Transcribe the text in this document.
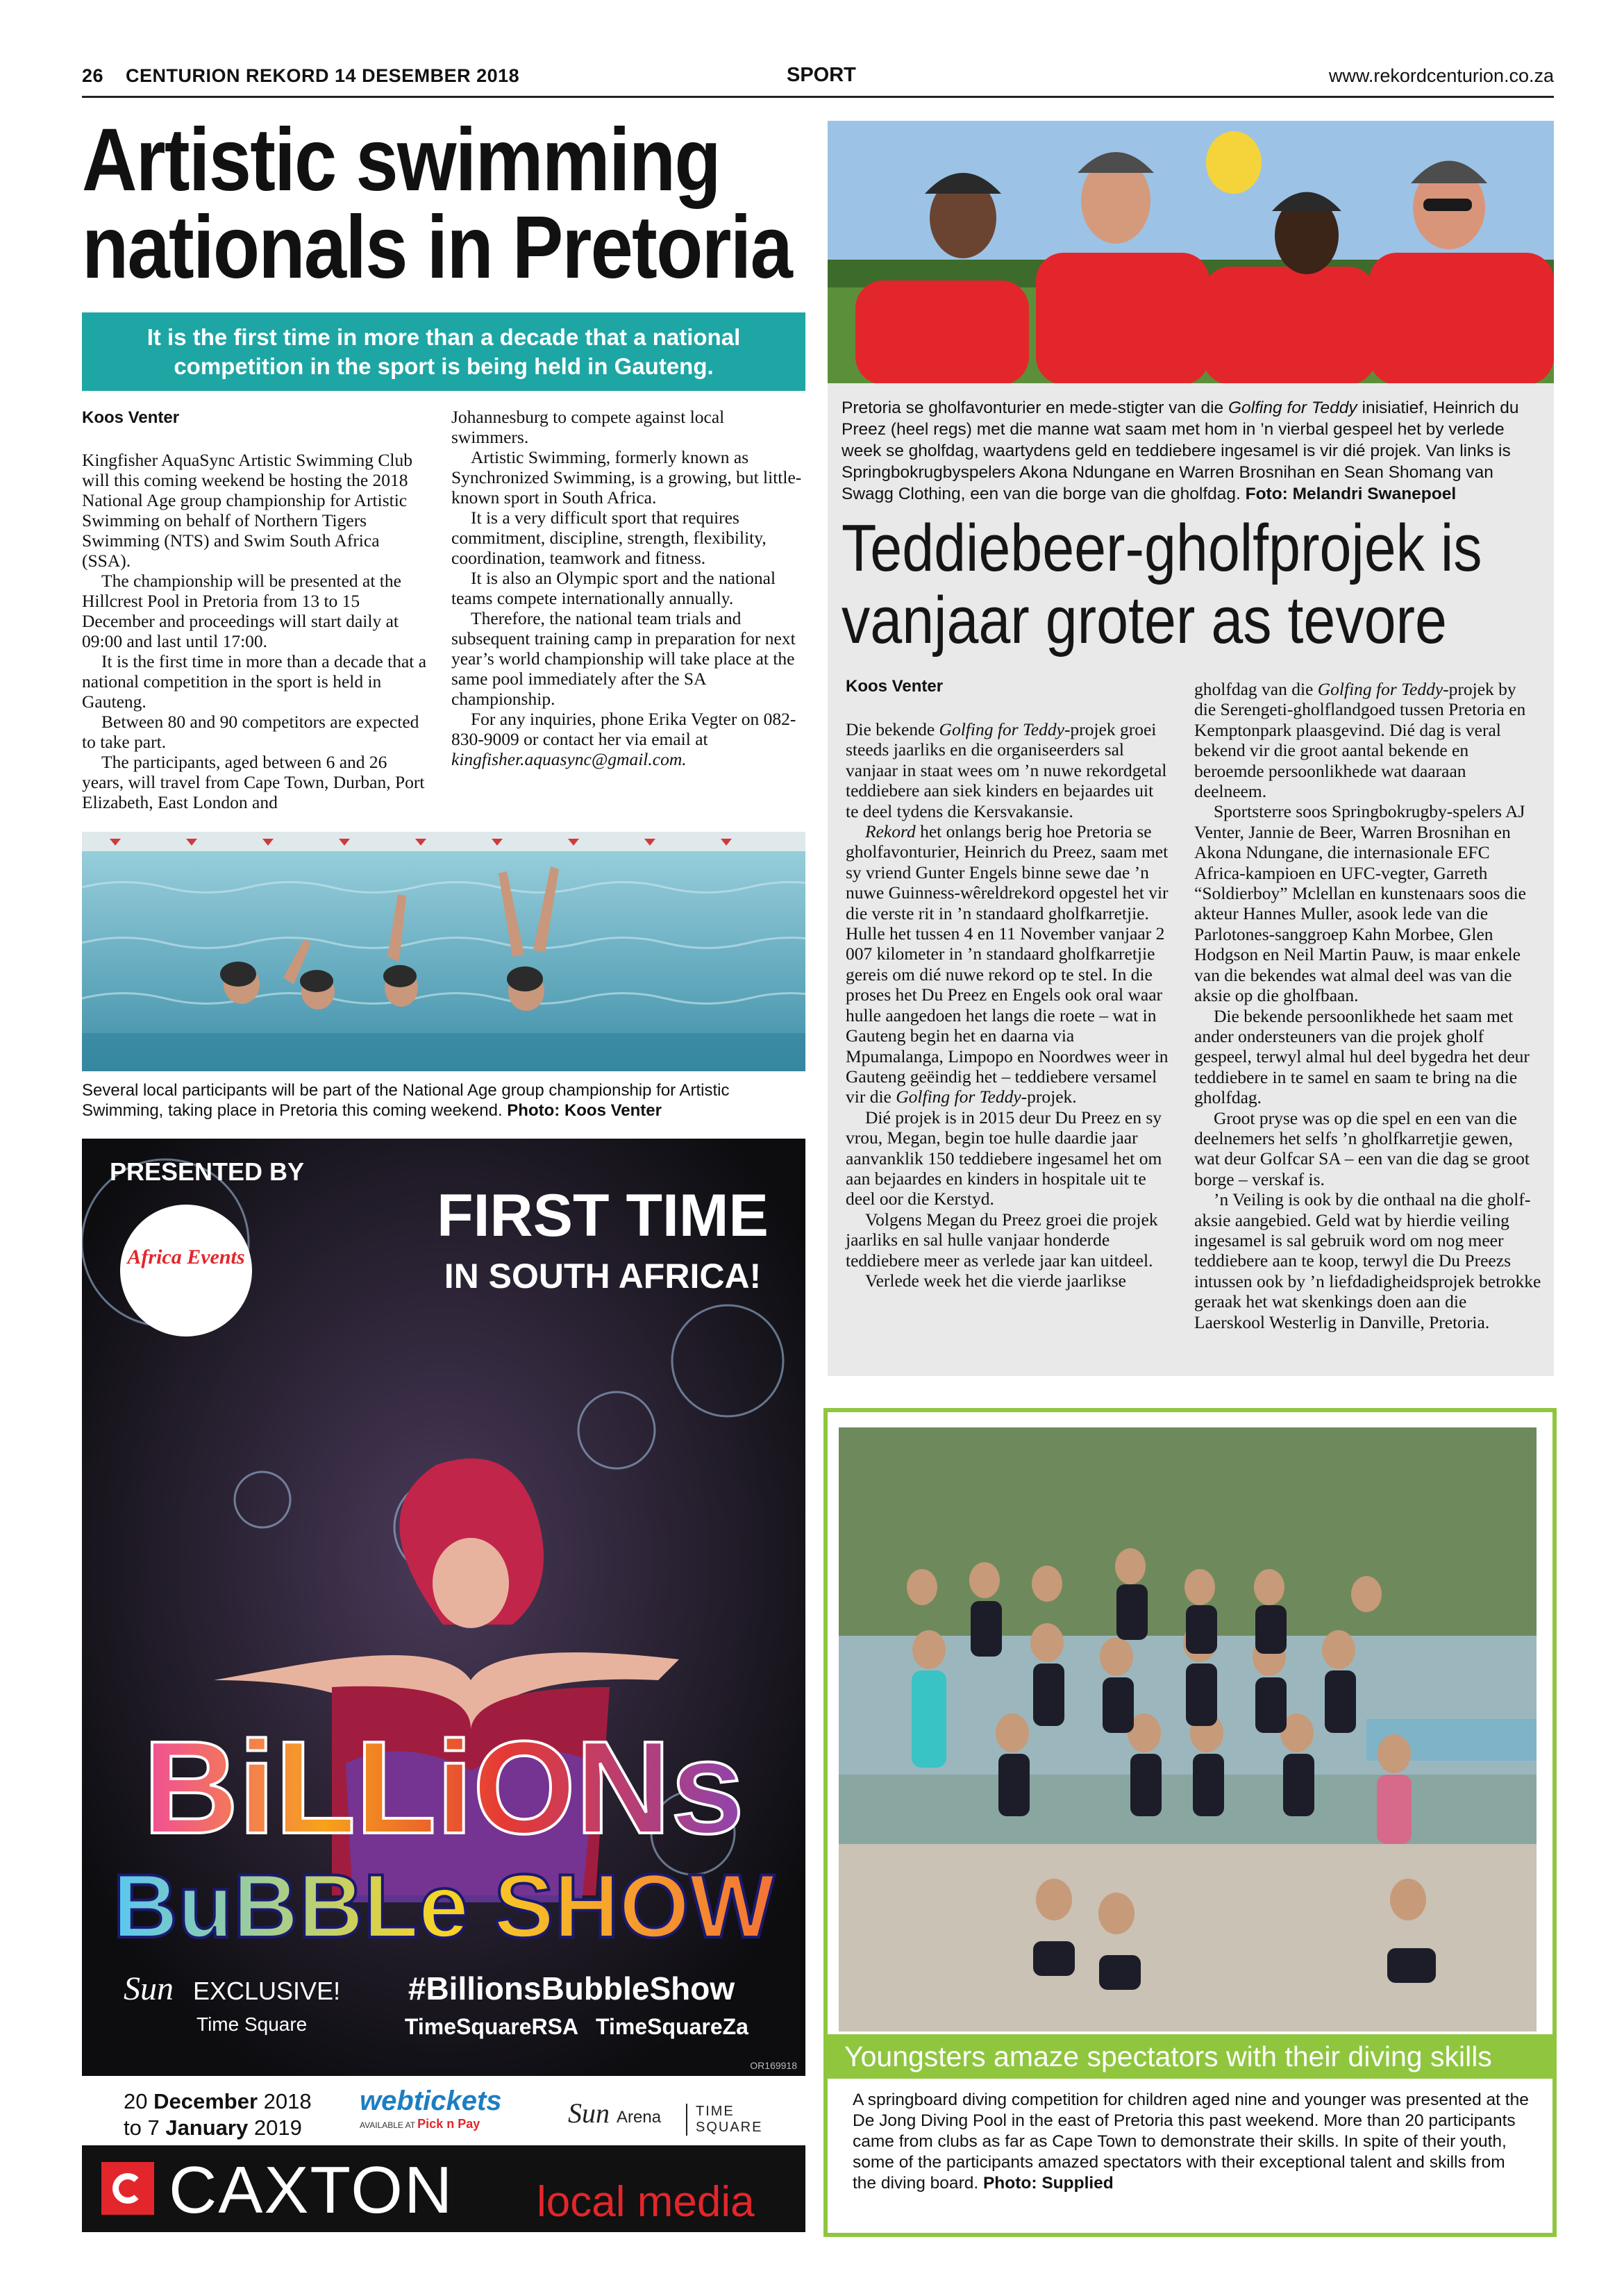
26    CENTURION REKORD 14 DESEMBER 2018	SPORT	www.rekordcenturion.co.za
Artistic swimming
nationals in Pretoria
It is the first time in more than a decade that a national competition in the sport is being held in Gauteng.
Koos Venter

Kingfisher AquaSync Artistic Swimming Club will this coming weekend be hosting the 2018 National Age group championship for Artistic Swimming on behalf of Northern Tigers Swimming (NTS) and Swim South Africa (SSA).

The championship will be presented at the Hillcrest Pool in Pretoria from 13 to 15 December and proceedings will start daily at 09:00 and last until 17:00.

It is the first time in more than a decade that a national competition in the sport is held in Gauteng.

Between 80 and 90 competitors are expected to take part.

The participants, aged between 6 and 26 years, will travel from Cape Town, Durban, Port Elizabeth, East London and

Johannesburg to compete against local swimmers.

Artistic Swimming, formerly known as Synchronized Swimming, is a growing, but little-known sport in South Africa.

It is a very difficult sport that requires commitment, discipline, strength, flexibility, coordination, teamwork and fitness.

It is also an Olympic sport and the national teams compete internationally annually.

Therefore, the national team trials and subsequent training camp in preparation for next year’s world championship will take place at the same pool immediately after the SA championship.

For any inquiries, phone Erika Vegter on 082-830-9009 or contact her via email at kingfisher.aquasync@gmail.com.

Several local participants will be part of the National Age group championship for Artistic Swimming, taking place in Pretoria this coming weekend. Photo: Koos Venter
PRESENTED BY
Africa Events
FIRST TIME
IN SOUTH AFRICA!
BiLLiONs
BuBBLe SHOW
Sun EXCLUSIVE!
Time Square
#BillionsBubbleShow
TimeSquareRSA TimeSquareZa
OR169918
20 December 2018
to 7 January 2019
webtickets
AVAILABLE AT Pick n Pay	Sun Arena	TIME SQUARE
CAXTON local media
Pretoria se gholfavonturier en mede-stigter van die Golfing for Teddy inisiatief, Heinrich du Preez (heel regs) met die manne wat saam met hom in ’n vierbal gespeel het by verlede week se gholfdag, waartydens geld en teddiebere ingesamel is vir dié projek. Van links is Springbokrugbyspelers Akona Ndungane en Warren Brosnihan en Sean Shomang van Swagg Clothing, een van die borge van die gholfdag. Foto: Melandri Swanepoel
Teddiebeer-gholfprojek is
vanjaar groter as tevore
Koos Venter

Die bekende Golfing for Teddy-projek groei steeds jaarliks en die organiseerders sal vanjaar in staat wees om ’n nuwe rekordgetal teddiebere aan siek kinders en bejaardes uit te deel tydens die Kersvakansie.

Rekord het onlangs berig hoe Pretoria se gholfavonturier, Heinrich du Preez, saam met sy vriend Gunter Engels binne sewe dae ’n nuwe Guinness-wêreldrekord opgestel het vir die verste rit in ’n standaard gholfkarretjie.

Hulle het tussen 4 en 11 November vanjaar 2 007 kilometer in ’n standaard gholfkarretjie gereis om dié nuwe rekord op te stel. In die proses het Du Preez en Engels ook oral waar hulle aangedoen het langs die roete – wat in Gauteng begin het en daarna via Mpumalanga, Limpopo en Noordwes weer in Gauteng geëindig het – teddiebere versamel vir die Golfing for Teddy-projek.

Dié projek is in 2015 deur Du Preez en sy vrou, Megan, begin toe hulle daardie jaar aanvanklik 150 teddiebere ingesamel het om aan bejaardes en kinders in hospitale uit te deel oor die Kerstyd.

Volgens Megan du Preez groei die projek jaarliks en sal hulle vanjaar honderde teddiebere meer as verlede jaar kan uitdeel.

Verlede week het die vierde jaarlikse

gholfdag van die Golfing for Teddy-projek by die Serengeti-gholflandgoed tussen Pretoria en Kemptonpark plaasgevind. Dié dag is veral bekend vir die groot aantal bekende en beroemde persoonlikhede wat daaraan deelneem.

Sportsterre soos Springbokrugby-spelers AJ Venter, Jannie de Beer, Warren Brosnihan en Akona Ndungane, die internasionale EFC Africa-kampioen en UFC-vegter, Garreth “Soldierboy” Mclellan en kunstenaars soos die akteur Hannes Muller, asook lede van die Parlotones-sanggroep Kahn Morbee, Glen Hodgson en Neil Martin Pauw, is maar enkele van die bekendes wat almal deel was van die aksie op die gholfbaan.

Die bekende persoonlikhede het saam met ander ondersteuners van die projek gholf gespeel, terwyl almal hul deel bygedra het deur teddiebere in te samel en saam te bring na die gholfdag.

Groot pryse was op die spel en een van die deelnemers het selfs ’n gholfkarretjie gewen, wat deur Golfcar SA – een van die dag se groot borge – verskaf is.

’n Veiling is ook by die onthaal na die gholf-aksie aangebied. Geld wat by hierdie veiling ingesamel is sal gebruik word om nog meer teddiebere aan te koop, terwyl die Du Preezs intussen ook by ’n liefdadigheidsprojek betrokke geraak het wat skenkings doen aan die Laerskool Westerlig in Danville, Pretoria.

Youngsters amaze spectators with their diving skills
A springboard diving competition for children aged nine and younger was presented at the De Jong Diving Pool in the east of Pretoria this past weekend. More than 20 participants came from clubs as far as Cape Town to demonstrate their skills. In spite of their youth, some of the participants amazed spectators with their exceptional talent and skills from the diving board. Photo: Supplied
